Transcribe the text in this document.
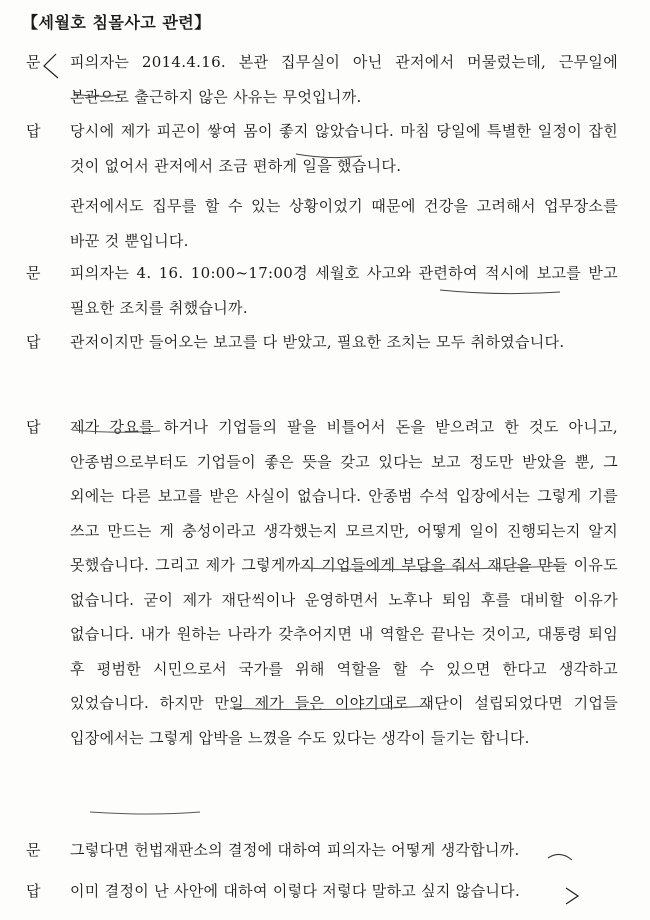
【세월호 침몰사고 관련】
문 피의자는 2014.4.16. 본관 집무실이 아닌 관저에서 머물렀는데, 근무일에 본관으로 출근하지 않은 사유는 무엇입니까.

답 당시에 제가 피곤이 쌓여 몸이 좋지 않았습니다. 마침 당일에 특별한 일정이 잡힌 것이 없어서 관저에서 조금 편하게 일을 했습니다.

관저에서도 집무를 할 수 있는 상황이었기 때문에 건강을 고려해서 업무장소를 바꾼 것 뿐입니다.

문 피의자는 4. 16. 10:00~17:00경 세월호 사고와 관련하여 적시에 보고를 받고 필요한 조치를 취했습니까.

답 관저이지만 들어오는 보고를 다 받았고, 필요한 조치는 모두 취하였습니다.

답 제가 강요를 하거나 기업들의 팔을 비틀어서 돈을 받으려고 한 것도 아니고, 안종범으로부터도 기업들이 좋은 뜻을 갖고 있다는 보고 정도만 받았을 뿐, 그 외에는 다른 보고를 받은 사실이 없습니다. 안종범 수석 입장에서는 그렇게 기를 쓰고 만드는 게 충성이라고 생각했는지 모르지만, 어떻게 일이 진행되는지 알지 못했습니다. 그리고 제가 그렇게까지 기업들에게 부담을 줘서 재단을 만들 이유도 없습니다. 굳이 제가 재단씩이나 운영하면서 노후나 퇴임 후를 대비할 이유가 없습니다. 내가 원하는 나라가 갖추어지면 내 역할은 끝나는 것이고, 대통령 퇴임 후 평범한 시민으로서 국가를 위해 역할을 할 수 있으면 한다고 생각하고 있었습니다. 하지만 만일 제가 들은 이야기대로 재단이 설립되었다면 기업들 입장에서는 그렇게 압박을 느꼈을 수도 있다는 생각이 들기는 합니다.

문 그렇다면 헌법재판소의 결정에 대하여 피의자는 어떻게 생각합니까.

답 이미 결정이 난 사안에 대하여 이렇다 저렇다 말하고 싶지 않습니다.
